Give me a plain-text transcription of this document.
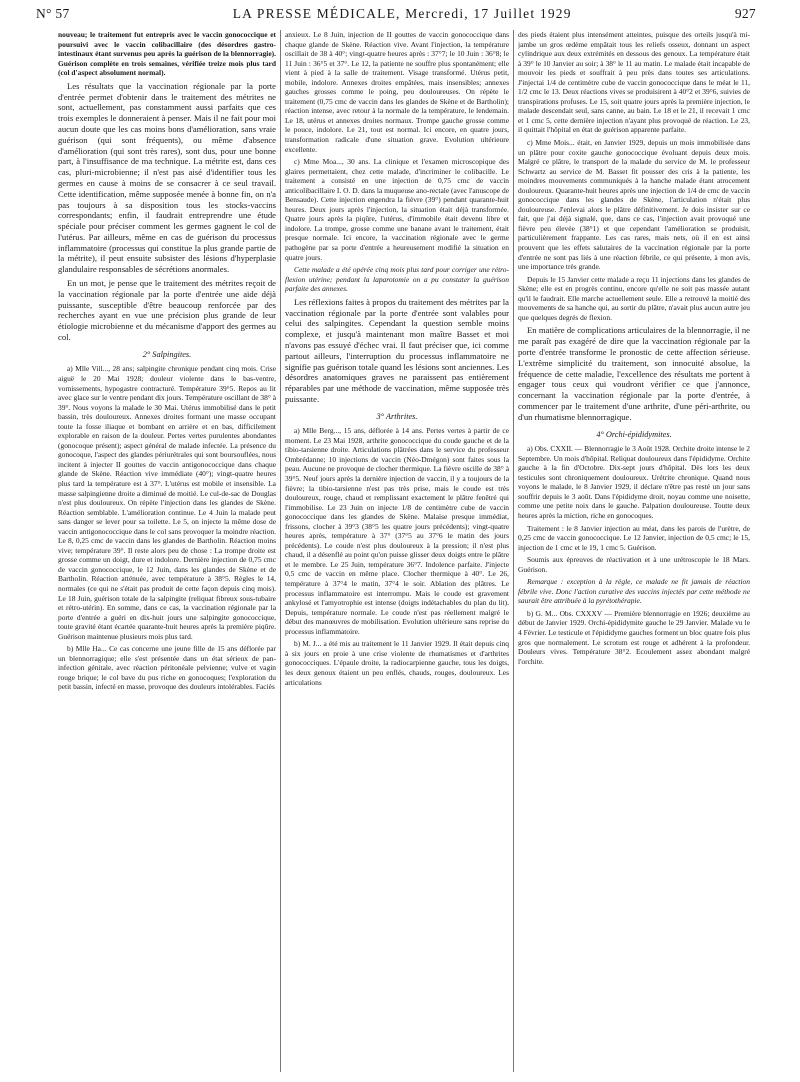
N° 57	LA PRESSE MÉDICALE, Mercredi, 17 Juillet 1929	927

nouveau; le traitement fut entrepris avec le vaccin gonococcique et poursuivi avec le vaccin colibacillaire (des désordres gastro-intestinaux étant survenus peu après la guérison de la blennorragie). Guérison complète en trois semaines, vérifiée treize mois plus tard (col d'aspect absolument normal).

Les résultats que la vaccination régionale par la porte d'entrée permet d'obtenir dans le traitement des métrites ne sont, actuellement, pas constamment aussi parfaits que ces trois exemples le donneraient à penser. Mais il ne fait pour moi aucun doute que les cas moins bons d'amélioration, sans vraie guérison (qui sont fréquents), ou même d'absence d'amélioration (qui sont très rares), sont dus, pour une bonne part, à l'insuffisance de ma technique. La métrite est, dans ces cas, pluri-microbienne; il n'est pas aisé d'identifier tous les germes en cause à moins de se consacrer à ce seul travail. Cette identification, même supposée menée à bonne fin, on n'a pas toujours à sa disposition tous les stocks-vaccins correspondants; enfin, il faudrait entreprendre une étude spéciale pour préciser comment les germes gagnent le col de l'utérus. Par ailleurs, même en cas de guérison du processus inflammatoire (processus qui constitue la plus grande partie de la métrite), il peut ensuite subsister des lésions d'hyperplasie glandulaire responsables de sécrétions anormales.

En un mot, je pense que le traitement des métrites reçoit de la vaccination régionale par la porte d'entrée une aide déjà puissante, susceptible d'être beaucoup renforcée par des recherches ayant en vue une précision plus grande de leur étiologie microbienne et du mécanisme d'apport des germes au col.

2° Salpingites.

a) Mlle Vill..., 28 ans; salpingite chronique pendant cinq mois. Crise aiguë le 20 Mai 1928; douleur violente dans le bas-ventre, vomissements, hypogastre contracturé. Température 39°5. Repos au lit avec glace sur le ventre pendant dix jours. Température oscillant de 38° à 39°. Nous voyons la malade le 30 Mai. Utérus immobilisé dans le petit bassin, très douloureux. Annexes droites formant une masse occupant toute la fosse iliaque et bombant en arrière et en bas, difficilement explorable en raison de la douleur. Pertes vertes purulentes abondantes (gonocoque présent); aspect général de malade infectée. La présence du gonocoque, l'aspect des glandes périurétrales qui sont boursouflées, nous incitent à injecter II gouttes de vaccin antigonococcique dans chaque glande de Skène. Réaction vive immédiate (40°); vingt-quatre heures plus tard la température est à 37°. L'utérus est mobile et insensible. La masse salpingienne droite a diminué de moitié. Le cul-de-sac de Douglas n'est plus douloureux. On répète l'injection dans les glandes de Skène. Réaction semblable. L'amélioration continue. Le 4 Juin la malade peut sans danger se lever pour sa toilette. Le 5, on injecte la même dose de vaccin antigonococcique dans le col sans provoquer la moindre réaction. Le 8, 0,25 cmc de vaccin dans les glandes de Bartholin. Réaction moins vive; température 39°. Il reste alors peu de chose : La trompe droite est grosse comme un doigt, dure et indolore. Dernière injection de 0,75 cmc de vaccin gonococcique, le 12 Juin, dans les glandes de Skène et de Bartholin. Réaction atténuée, avec température à 38°5. Règles le 14, normales (ce qui ne s'était pas produit de cette façon depuis cinq mois). Le 18 Juin, guérison totale de la salpingite (reliquat fibreux sous-tubaire et rétro-utérin). En somme, dans ce cas, la vaccination régionale par la porte d'entrée a guéri en dix-huit jours une salpingite gonococcique, toute gravité étant écartée quarante-huit heures après la première piqûre. Guérison maintenue plusieurs mois plus tard.

b) Mlle Ha... Ce cas concerne une jeune fille de 15 ans déflorée par un blennorragique; elle s'est présentée dans un état sérieux de pan-infection génitale, avec réaction péritonéale pelvienne; vulve et vagin rouge brique; le col bave du pus riche en gonocoques; l'exploration du petit bassin, infecté en masse, provoque des douleurs intolérables. Faciès

anxieux. Le 8 Juin, injection de II gouttes de vaccin gonococcique dans chaque glande de Skène. Réaction vive. Avant l'injection, la température oscillait de 38 à 40°; vingt-quatre heures après : 37°7; le 10 Juin : 36°8; le 11 Juin : 36°5 et 37°. Le 12, la patiente ne souffre plus spontanément; elle vient à pied à la salle de traitement. Visage transformé. Utérus petit, mobile, indolore. Annexes droites empâtées, mais insensibles; annexes gauches grosses comme le poing, peu douloureuses. On répète le traitement (0,75 cmc de vaccin dans les glandes de Skène et de Bartholin); réaction intense, avec retour à la normale de la température, le lendemain. Le 18, utérus et annexes droites normaux. Trompe gauche grosse comme le pouce, indolore. Le 21, tout est normal. Ici encore, en quatre jours, transformation radicale d'une situation grave. Evolution ultérieure excellente.

c) Mme Moa..., 30 ans. La clinique et l'examen microscopique des glaires permettaient, chez cette malade, d'incriminer le colibacille. Le traitement a consisté en une injection de 0,75 cmc de vaccin anticolibacillaire I. O. D. dans la muqueuse ano-rectale (avec l'anuscope de Bensaude). Cette injection engendra la fièvre (39°) pendant quarante-huit heures. Deux jours après l'injection, la situation était déjà transformée. Quatre jours après la piqûre, l'utérus, d'immobile était devenu libre et indolore. La trompe, grosse comme une banane avant le traitement, était presque normale. Ici encore, la vaccination régionale avec le germe pathogène par sa porte d'entrée a heureusement modifié la situation en quatre jours.

Cette malade a été opérée cinq mois plus tard pour corriger une rétro-flexion utérine; pendant la laparotomie on a pu constater la guérison parfaite des annexes.

Les réflexions faites à propos du traitement des métrites par la vaccination régionale par la porte d'entrée sont valables pour celui des salpingites. Cependant la question semble moins complexe, et jusqu'à maintenant mon maître Basset et moi n'avons pas essuyé d'échec vrai. Il faut préciser que, ici comme partout ailleurs, l'interruption du processus inflammatoire ne signifie pas guérison totale quand les lésions sont anciennes. Les désordres anatomiques graves ne paraissent pas entièrement réparables par une méthode de vaccination, même supposée très puissante.

3° Arthrites.

a) Mlle Berg..., 15 ans, déflorée à 14 ans. Pertes vertes à partir de ce moment. Le 23 Mai 1928, arthrite gonococcique du coude gauche et de la tibio-tarsienne droite. Articulations plâtrées dans le service du professeur Ombrédanne; 10 injections de vaccin (Néo-Dmégon) sont faites sous la peau. Aucune ne provoque de clocher thermique. La fièvre oscille de 38° à 39°5. Neuf jours après la dernière injection de vaccin, il y a toujours de la fièvre; la tibio-tarsienne n'est pas très prise, mais le coude est très douloureux, rouge, chaud et remplissant exactement le plâtre fenêtré qui l'immobilise. Le 23 Juin on injecte 1/8 de centimètre cube de vaccin gonococcique dans les glandes de Skène. Malaise presque immédiat, frissons, clocher à 39°3 (38°5 les quatre jours précédents); vingt-quatre heures après, température à 37° (37°5 au 37°6 le matin des jours précédents). Le coude n'est plus douloureux à la pression; il n'est plus chaud, il a désenflé au point qu'on puisse glisser deux doigts entre le plâtre et le membre. Le 25 Juin, température 36°7. Indolence parfaite. J'injecte 0,5 cmc de vaccin en même place. Clocher thermique à 40°. Le 26, température à 37°4 le matin, 37°4 le soir. Ablation des plâtres. Le processus inflammatoire est interrompu. Mais le coude est gravement ankylosé et l'amyotrophie est intense (doigts indétachables du plan du lit). Depuis, température normale. Le coude n'est pas réellement malgré le début des manœuvres de mobilisation. Evolution ultérieure sans reprise du processus inflammatoire.

b) M. J... a été mis au traitement le 11 Janvier 1929. Il était depuis cinq à six jours en proie à une crise violente de rhumatismes et d'arthrites gonococciques. L'épaule droite, la radiocarpienne gauche, tous les doigts, les deux genoux étaient un peu enflés, chauds, rouges, douloureux. Les articulations

des pieds étaient plus intensément atteintes, puisque des orteils jusqu'à mi-jambe un gros œdème empâtait tous les reliefs osseux, donnant un aspect cylindrique aux deux extrémités en dessous des genoux. La température était à 39° le 10 Janvier au soir; à 38° le 11 au matin. Le malade était incapable de mouvoir les pieds et souffrait à peu près dans toutes ses articulations. J'injectai 1/4 de centimètre cube de vaccin gonococcique dans le méat le 11, 1/2 cmc le 13. Deux réactions vives se produisirent à 40°2 et 39°6, suivies de transpirations profuses. Le 15, soit quatre jours après la première injection, le malade descendait seul, sans canne, au bain. Le 18 et le 21, il recevait 1 cmc et 1 cmc 5, cette dernière injection n'ayant plus provoqué de réaction. Le 23, il quittait l'hôpital en état de guérison apparente parfaite.

c) Mme Mois... était, en Janvier 1929, depuis un mois immobilisée dans un plâtre pour coxite gauche gonococcique évoluant depuis deux mois. Malgré ce plâtre, le transport de la malade du service de M. le professeur Schwartz au service de M. Basset fit pousser des cris à la patiente, les moindres mouvements communiqués à la hanche malade étant atrocement douloureux. Quarante-huit heures après une injection de 1/4 de cmc de vaccin gonococcique dans les glandes de Skène, l'articulation n'était plus douloureuse. J'enlevai alors le plâtre définitivement. Je dois insister sur ce fait, que j'ai déjà signalé, que, dans ce cas, l'injection avait provoqué une fièvre peu élevée (38°1) et que cependant l'amélioration se produisit, particulièrement frappante. Les cas rares, mais nets, où il en est ainsi prouvent que les effets salutaires de la vaccination régionale par la porte d'entrée ne sont pas liés à une réaction fébrile, ce qui présente, à mon avis, une importance très grande.

Depuis le 15 Janvier cette malade a reçu 11 injections dans les glandes de Skène; elle est en progrès continu, encore qu'elle ne soit pas massée autant qu'il le faudrait. Elle marche actuellement seule. Elle a retrouvé la moitié des mouvements de sa hanche qui, au sortir du plâtre, n'avait plus aucun autre jeu que quelques degrés de flexion.

En matière de complications articulaires de la blennorragie, il ne me paraît pas exagéré de dire que la vaccination régionale par la porte d'entrée transforme le pronostic de cette affection sérieuse. L'extrême simplicité du traitement, son innocuité absolue, la fréquence de cette maladie, l'excellence des résultats me portent à engager tous ceux qui voudront vérifier ce que j'annonce, concernant la vaccination régionale par la porte d'entrée, à commencer par le traitement d'une arthrite, d'une péri-arthrite, ou d'un rhumatisme blennorragique.

4° Orchi-épididymites.

a) Obs. CXXII. — Blennorragie le 3 Août 1928. Orchite droite intense le 2 Septembre. Un mois d'hôpital. Reliquat douloureux dans l'épididyme. Orchite gauche à la fin d'Octobre. Dix-sept jours d'hôpital. Dès lors les deux testicules sont chroniquement douloureux. Urétrite chronique. Quand nous voyons le malade, le 8 Janvier 1929, il déclare n'être pas resté un jour sans souffrir depuis le 3 août. Dans l'épididyme droit, noyau comme une noisette, comme une petite noix dans le gauche. Palpation douloureuse. Toutte deux heures après la miction, riche en gonocoques.

Traitement : le 8 Janvier injection au méat, dans les parois de l'urètre, de 0,25 cmc de vaccin gonococcique. Le 12 Janvier, injection de 0,5 cmc; le 15, injection de 1 cmc et le 19, 1 cmc 5. Guérison.

Soumis aux épreuves de réactivation et à une urétroscopie le 18 Mars. Guérison.

Remarque : exception à la règle, ce malade ne fit jamais de réaction fébrile vive. Donc l'action curative des vaccins injectés par cette méthode ne saurait être attribuée à la pyrétothérapie.

b) G. M... Obs. CXXXV — Première blennorragie en 1926; deuxième au début de Janvier 1929. Orchi-épididymite gauche le 29 Janvier. Malade vu le 4 Février. Le testicule et l'épididyme gauches forment un bloc quatre fois plus gros que normalement. Le scrotum est rouge et adhérent à la profondeur. Douleurs vives. Température 38°2. Ecoulement assez abondant malgré l'orchite.
